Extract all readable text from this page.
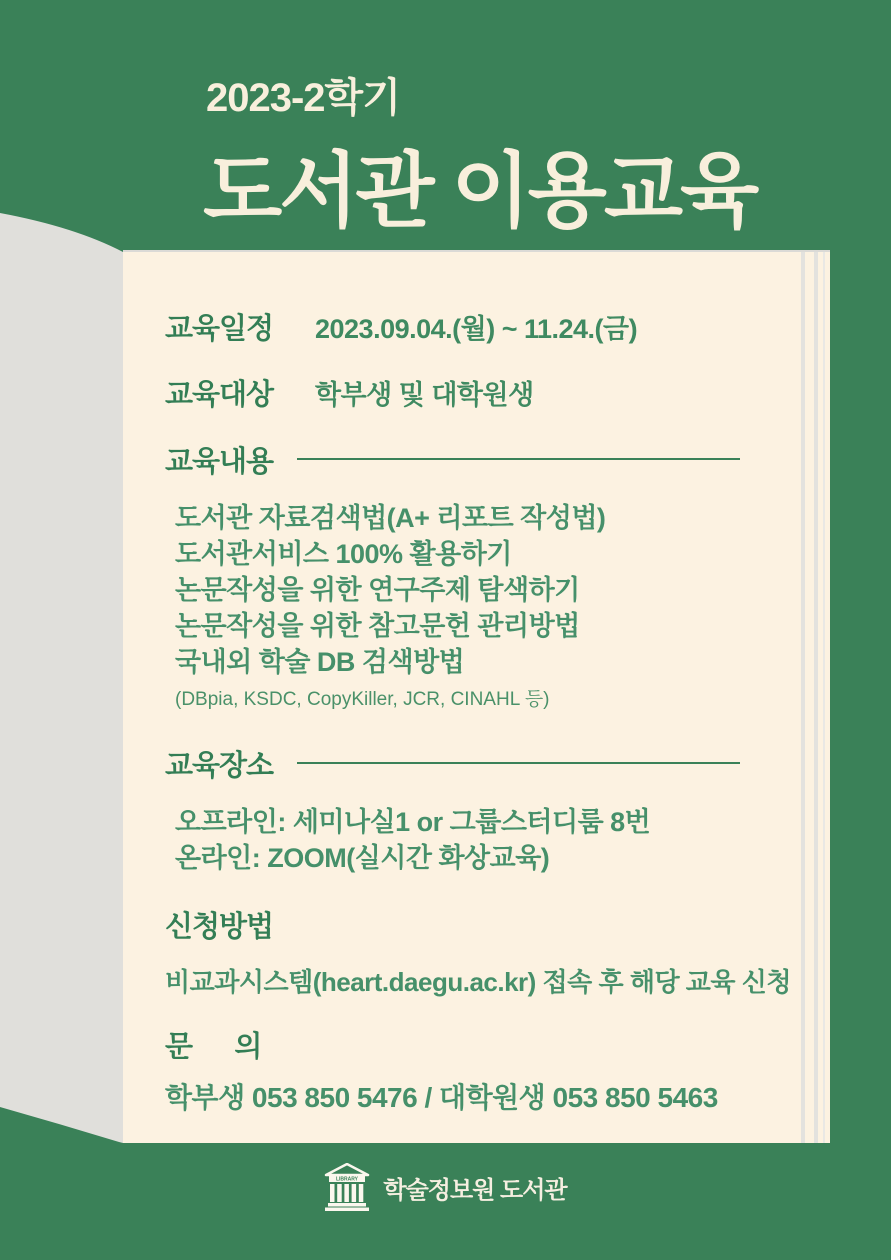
2023-2학기
도서관 이용교육
교육일정	2023.09.04.(월) ~ 11.24.(금)
교육대상	학부생 및 대학원생
교육내용
도서관 자료검색법(A+ 리포트 작성법)
도서관서비스 100% 활용하기
논문작성을 위한 연구주제 탐색하기
논문작성을 위한 참고문헌 관리방법
국내외 학술 DB 검색방법
(DBpia, KSDC, CopyKiller, JCR, CINAHL 등)
교육장소
오프라인: 세미나실1 or 그룹스터디룸 8번
온라인: ZOOM(실시간 화상교육)
신청방법
비교과시스템(heart.daegu.ac.kr) 접속 후 해당 교육 신청
문      의
학부생 053 850 5476 / 대학원생 053 850 5463
LIBRARY 학술정보원 도서관
